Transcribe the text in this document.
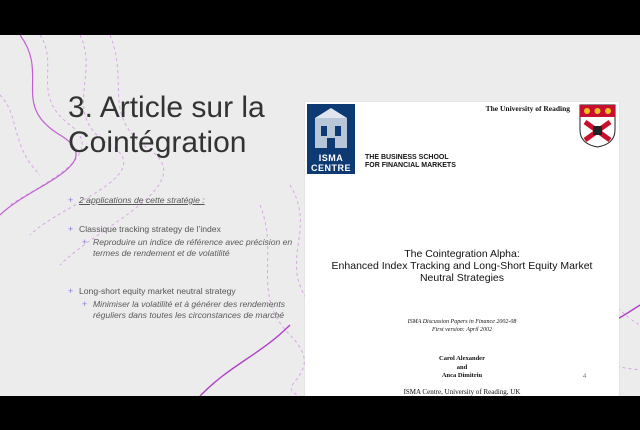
3. Article sur la
Cointégration

+ 2 applications de cette stratégie :

+ Classique tracking strategy de l’index

+ Reproduire un indice de référence avec précision en termes de rendement et de volatilité

+ Long-short equity market neutral strategy

+ Minimiser la volatilité et à générer des rendements réguliers dans toutes les circonstances de marché

ISMA
CENTRE
THE BUSINESS SCHOOL
FOR FINANCIAL MARKETS
The University of Reading
The Cointegration Alpha:
Enhanced Index Tracking and Long-Short Equity Market
Neutral Strategies
ISMA Discussion Papers in Finance 2002-08
First version: April 2002
Carol Alexander
and
Anca Dimitriu
ISMA Centre, University of Reading, UK
4
